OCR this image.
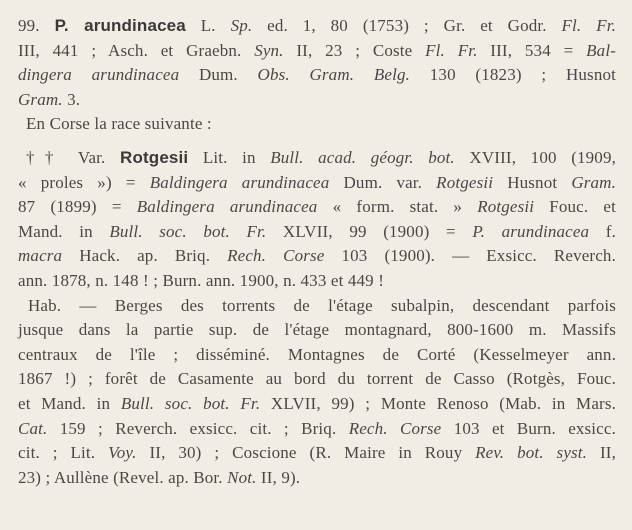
99. P. arundinacea L. Sp. ed. 1, 80 (1753) ; Gr. et Godr. Fl. Fr.
III, 441 ; Asch. et Graebn. Syn. II, 23 ; Coste Fl. Fr. III, 534 = Bal-
dingera arundinacea Dum. Obs. Gram. Belg. 130 (1823) ; Husnot
Gram. 3.
En Corse la race suivante :
†† Var. Rotgesii Lit. in Bull. acad. géogr. bot. XVIII, 100 (1909,
« proles ») = Baldingera arundinacea Dum. var. Rotgesii Husnot Gram.
87 (1899) = Baldingera arundinacea « form. stat. » Rotgesii Fouc. et
Mand. in Bull. soc. bot. Fr. XLVII, 99 (1900) = P. arundinacea f.
macra Hack. ap. Briq. Rech. Corse 103 (1900). — Exsicc. Reverch.
ann. 1878, n. 148 ! ; Burn. ann. 1900, n. 433 et 449 !
Hab. — Berges des torrents de l'étage subalpin, descendant parfois
jusque dans la partie sup. de l'étage montagnard, 800-1600 m. Massifs
centraux de l'île ; disséminé. Montagnes de Corté (Kesselmeyer ann.
1867 !) ; forêt de Casamente au bord du torrent de Casso (Rotgès, Fouc.
et Mand. in Bull. soc. bot. Fr. XLVII, 99) ; Monte Renoso (Mab. in Mars.
Cat. 159 ; Reverch. exsicc. cit. ; Briq. Rech. Corse 103 et Burn. exsicc.
cit. ; Lit. Voy. II, 30) ; Coscione (R. Maire in Rouy Rev. bot. syst. II,
23) ; Aullène (Revel. ap. Bor. Not. II, 9).
